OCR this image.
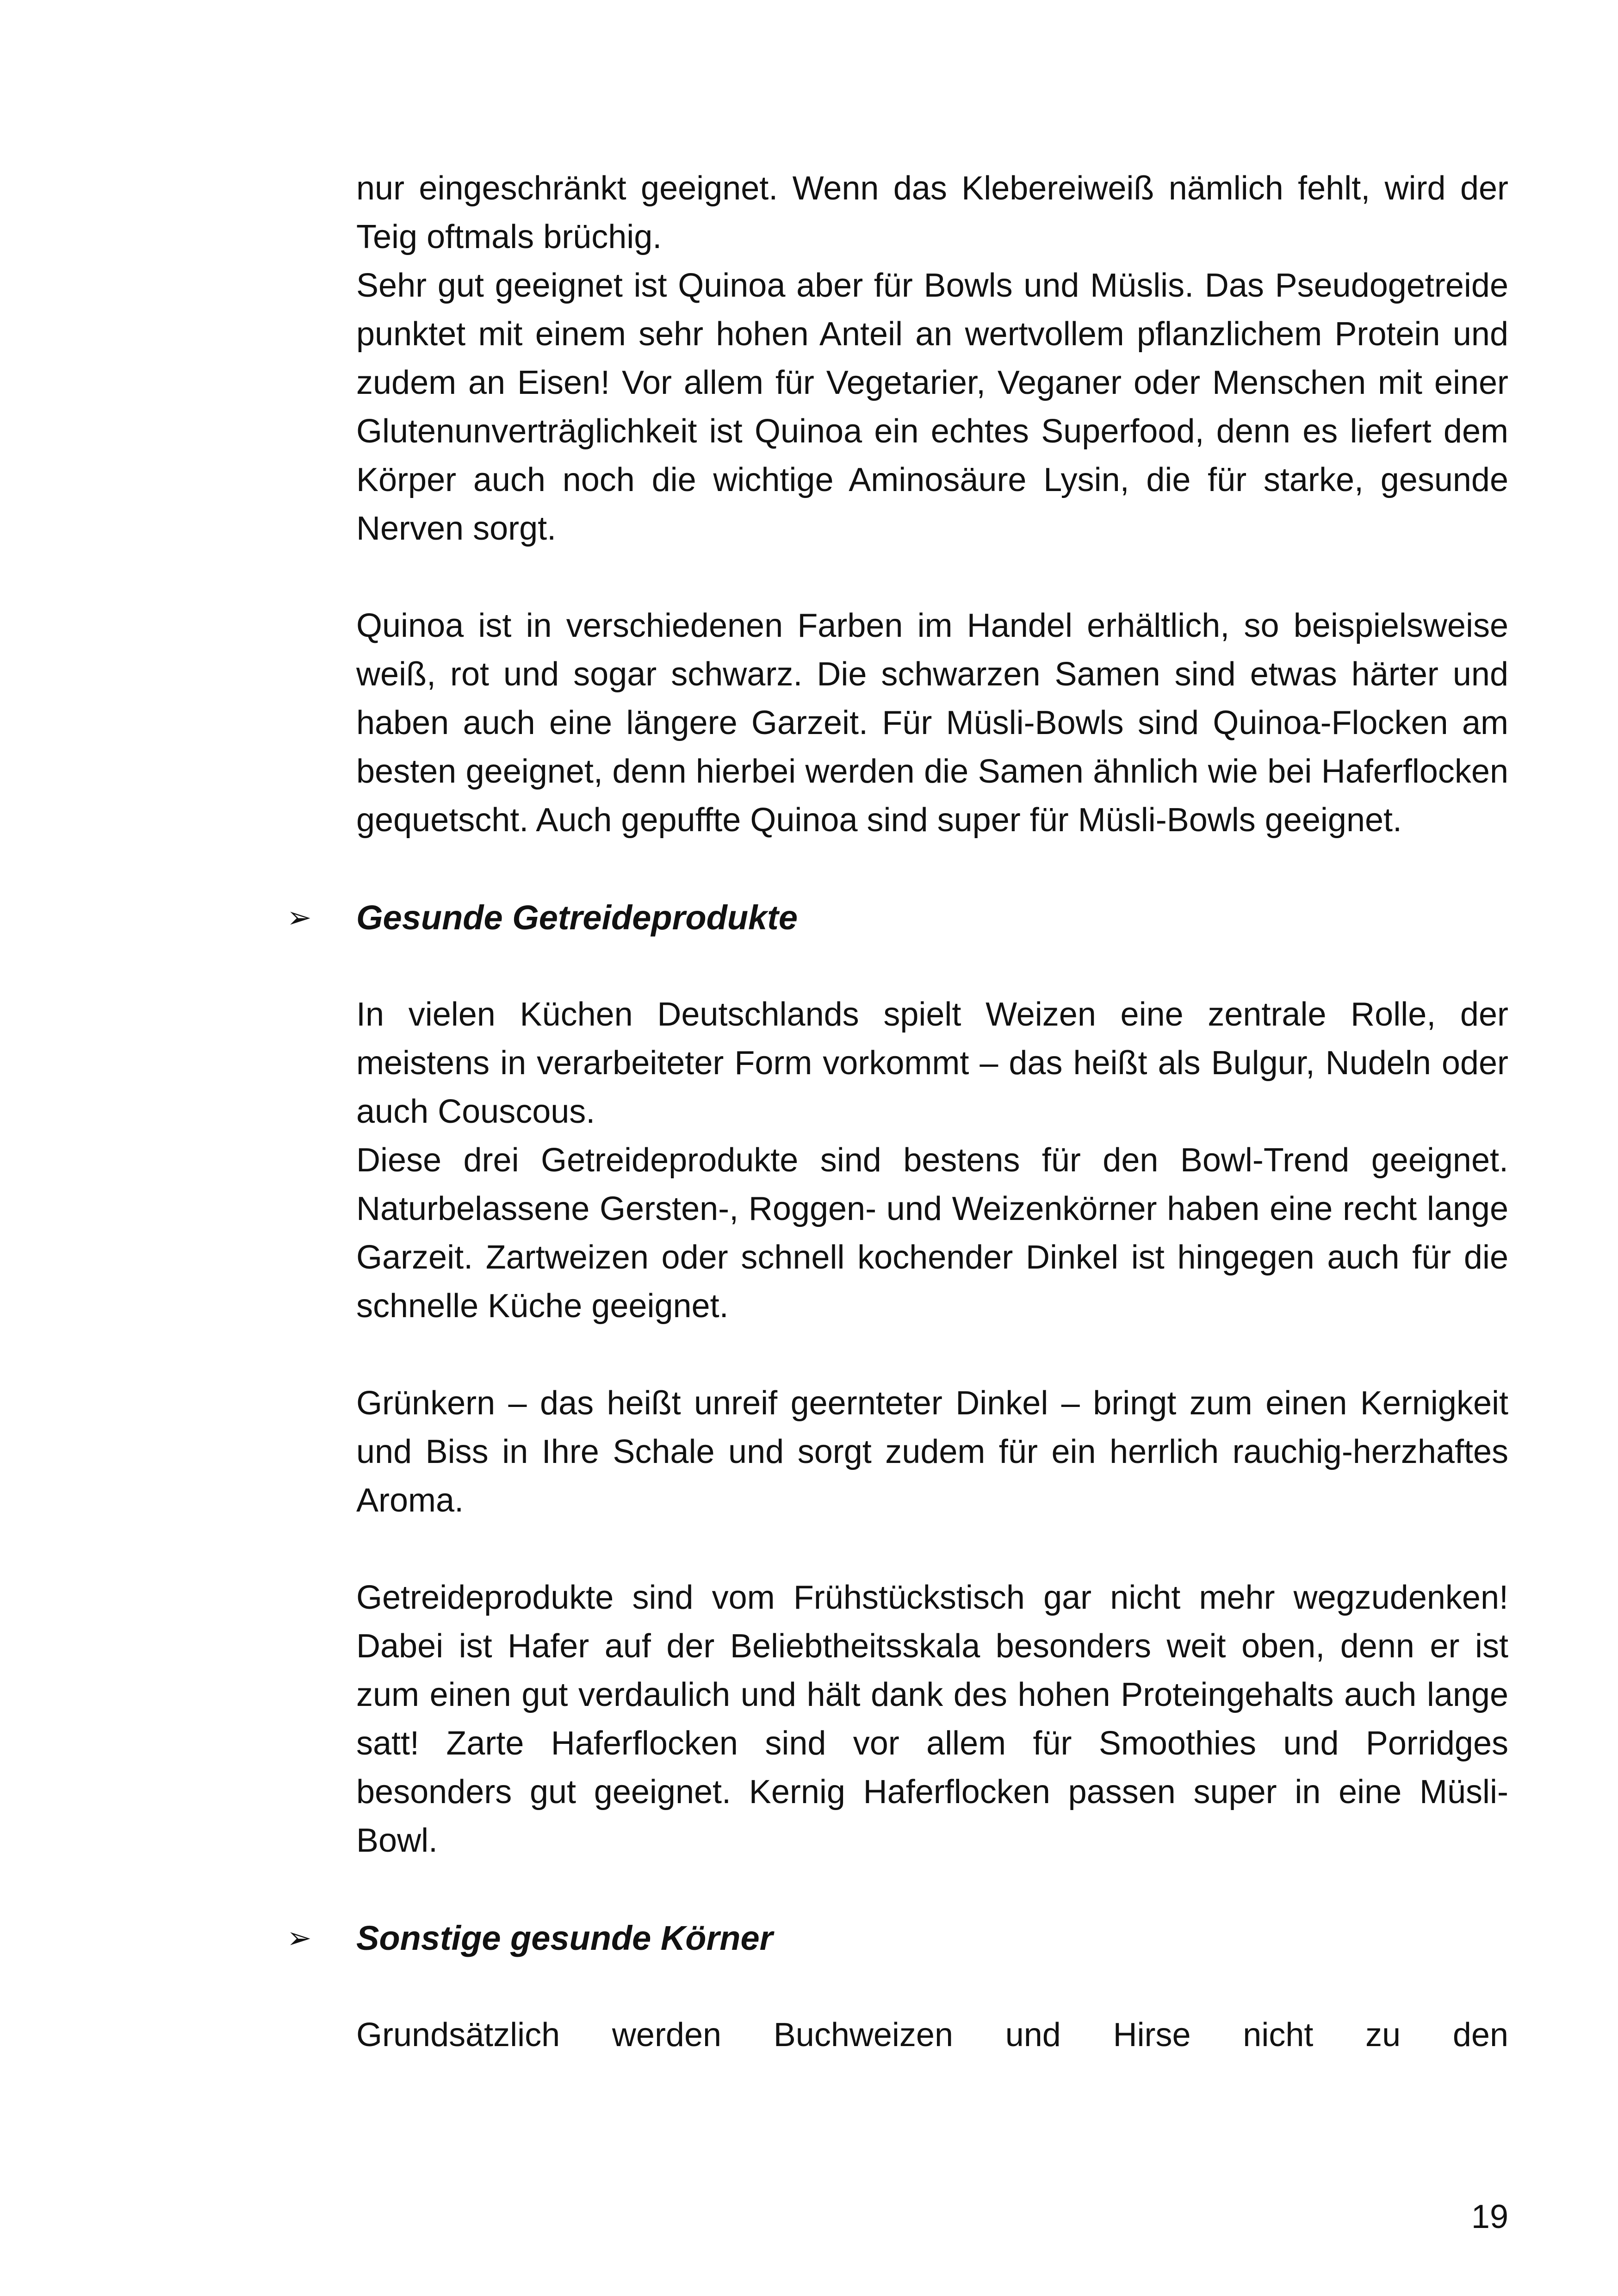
nur eingeschränkt geeignet. Wenn das Klebereiweiß nämlich fehlt, wird der Teig oftmals brüchig.

Sehr gut geeignet ist Quinoa aber für Bowls und Müslis. Das Pseudogetreide punktet mit einem sehr hohen Anteil an wertvollem pflanzlichem Protein und zudem an Eisen! Vor allem für Vegetarier, Veganer oder Menschen mit einer Glutenunverträglichkeit ist Quinoa ein echtes Superfood, denn es liefert dem Körper auch noch die wichtige Aminosäure Lysin, die für starke, gesunde Nerven sorgt.

Quinoa ist in verschiedenen Farben im Handel erhältlich, so beispielsweise weiß, rot und sogar schwarz. Die schwarzen Samen sind etwas härter und haben auch eine längere Garzeit. Für Müsli-Bowls sind Quinoa-Flocken am besten geeignet, denn hierbei werden die Samen ähnlich wie bei Haferflocken gequetscht. Auch gepuffte Quinoa sind super für Müsli-Bowls geeignet.

➢ Gesunde Getreideprodukte

In vielen Küchen Deutschlands spielt Weizen eine zentrale Rolle, der meistens in verarbeiteter Form vorkommt – das heißt als Bulgur, Nudeln oder auch Couscous.

Diese drei Getreideprodukte sind bestens für den Bowl-Trend geeignet. Naturbelassene Gersten-, Roggen- und Weizenkörner haben eine recht lange Garzeit. Zartweizen oder schnell kochender Dinkel ist hingegen auch für die schnelle Küche geeignet.

Grünkern – das heißt unreif geernteter Dinkel – bringt zum einen Kernigkeit und Biss in Ihre Schale und sorgt zudem für ein herrlich rauchig-herzhaftes Aroma.

Getreideprodukte sind vom Frühstückstisch gar nicht mehr wegzudenken! Dabei ist Hafer auf der Beliebtheitsskala besonders weit oben, denn er ist zum einen gut verdaulich und hält dank des hohen Proteingehalts auch lange satt! Zarte Haferflocken sind vor allem für Smoothies und Porridges besonders gut geeignet. Kernig Haferflocken passen super in eine Müsli-Bowl.

➢ Sonstige gesunde Körner

Grundsätzlich werden Buchweizen und Hirse nicht zu den

19
